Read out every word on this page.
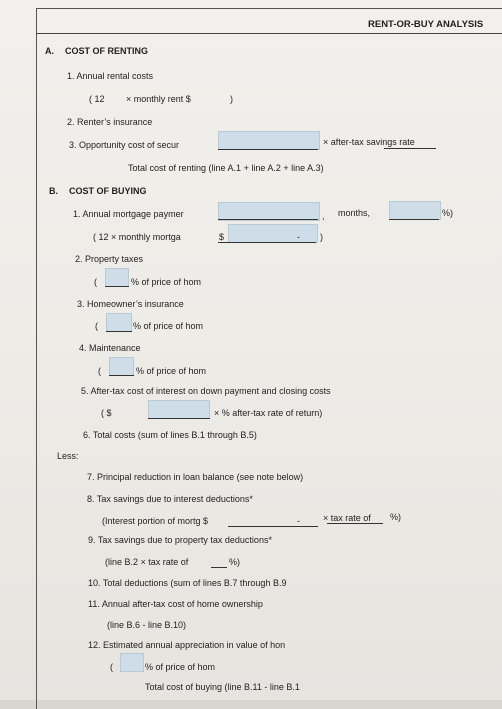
RENT-OR-BUY ANALYSIS
A. COST OF RENTING
1. Annual rental costs
( 12 × monthly rent $	)
2. Renter’s insurance
3. Opportunity cost of secur	× after-tax savings rate
Total cost of renting (line A.1 + line A.2 + line A.3)
B. COST OF BUYING
1. Annual mortgage paymer	, months,	%)
( 12 × monthly mortga	$	- )
2. Property taxes
(	% of price of hom
3. Homeowner’s insurance
(	% of price of hom
4. Maintenance
(	% of price of hom
5. After-tax cost of interest on down payment and closing costs
( $	× % after-tax rate of return)
6. Total costs (sum of lines B.1 through B.5)
Less:
7. Principal reduction in loan balance (see note below)
8. Tax savings due to interest deductions*
(Interest portion of mortg $	-	× tax rate of %)
9. Tax savings due to property tax deductions*
(line B.2 × tax rate of	%)
10. Total deductions (sum of lines B.7 through B.9
11. Annual after-tax cost of home ownership
(line B.6 - line B.10)
12. Estimated annual appreciation in value of hon
(	% of price of hom
Total cost of buying (line B.11 - line B.1
